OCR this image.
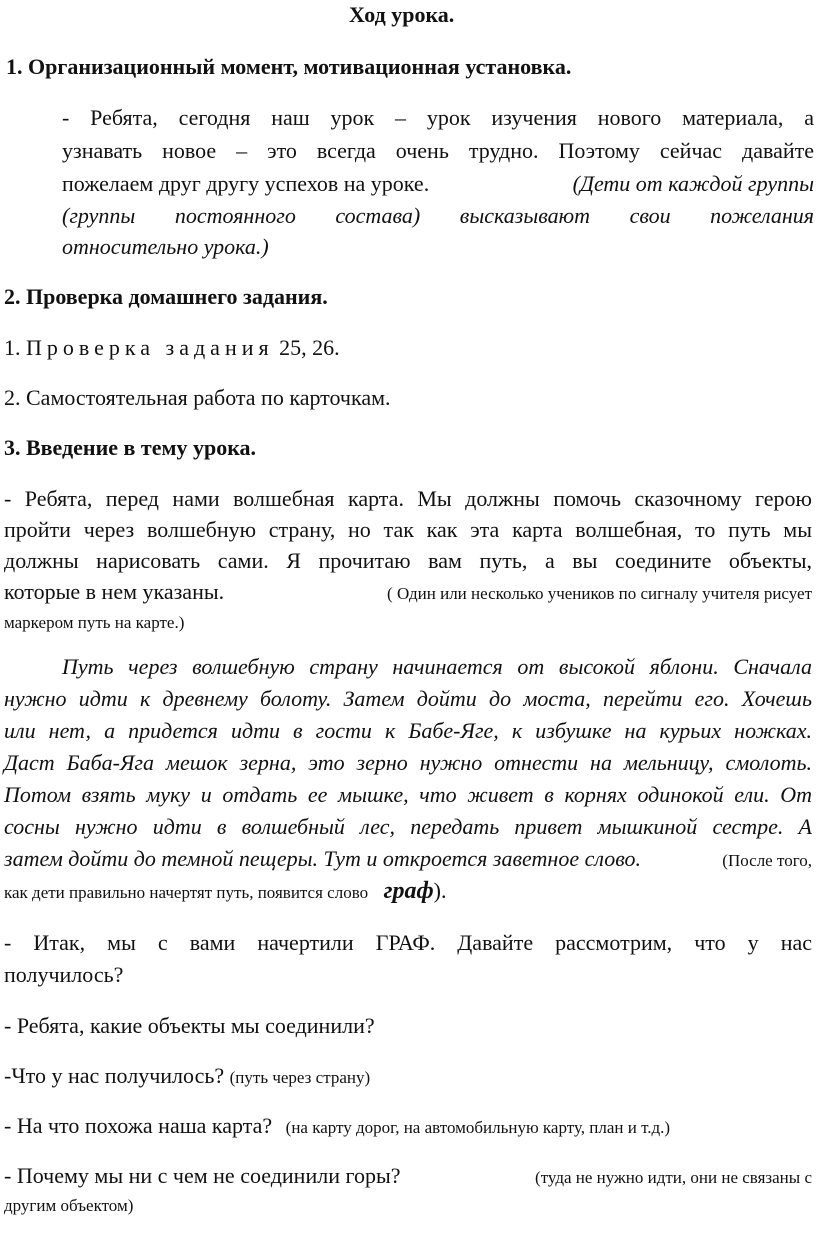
Ход урока.
1. Организационный момент, мотивационная установка.
- Ребята, сегодня наш урок – урок изучения нового материала, а
узнавать новое – это всегда очень трудно. Поэтому сейчас давайте
пожелаем друг другу успехов на уроке.	(Дети от каждой группы
(группы постоянного состава) высказывают свои пожелания
относительно урока.)
2. Проверка домашнего задания.
1. Проверка задания 25, 26.
2. Самостоятельная работа по карточкам.
3. Введение в тему урока.
- Ребята, перед нами волшебная карта. Мы должны помочь сказочному герою
пройти через волшебную страну, но так как эта карта волшебная, то путь мы
должны нарисовать сами. Я прочитаю вам путь, а вы соедините объекты,
которые в нем указаны.	( Один или несколько учеников по сигналу учителя рисует
маркером путь на карте.)
Путь через волшебную страну начинается от высокой яблони. Сначала
нужно идти к древнему болоту. Затем дойти до моста, перейти его. Хочешь
или нет, а придется идти в гости к Бабе-Яге, к избушке на курьих ножках.
Даст Баба-Яга мешок зерна, это зерно нужно отнести на мельницу, смолоть.
Потом взять муку и отдать ее мышке, что живет в корнях одинокой ели. От
сосны нужно идти в волшебный лес, передать привет мышкиной сестре. А
затем дойти до темной пещеры. Тут и откроется заветное слово.	(После того,
как дети правильно начертят путь, появится слово граф).
- Итак, мы с вами начертили ГРАФ. Давайте рассмотрим, что у нас
получилось?
- Ребята, какие объекты мы соединили?
-Что у нас получилось? (путь через страну)
- На что похожа наша карта? (на карту дорог, на автомобильную карту, план и т.д.)
- Почему мы ни с чем не соединили горы?	(туда не нужно идти, они не связаны с
другим объектом)
